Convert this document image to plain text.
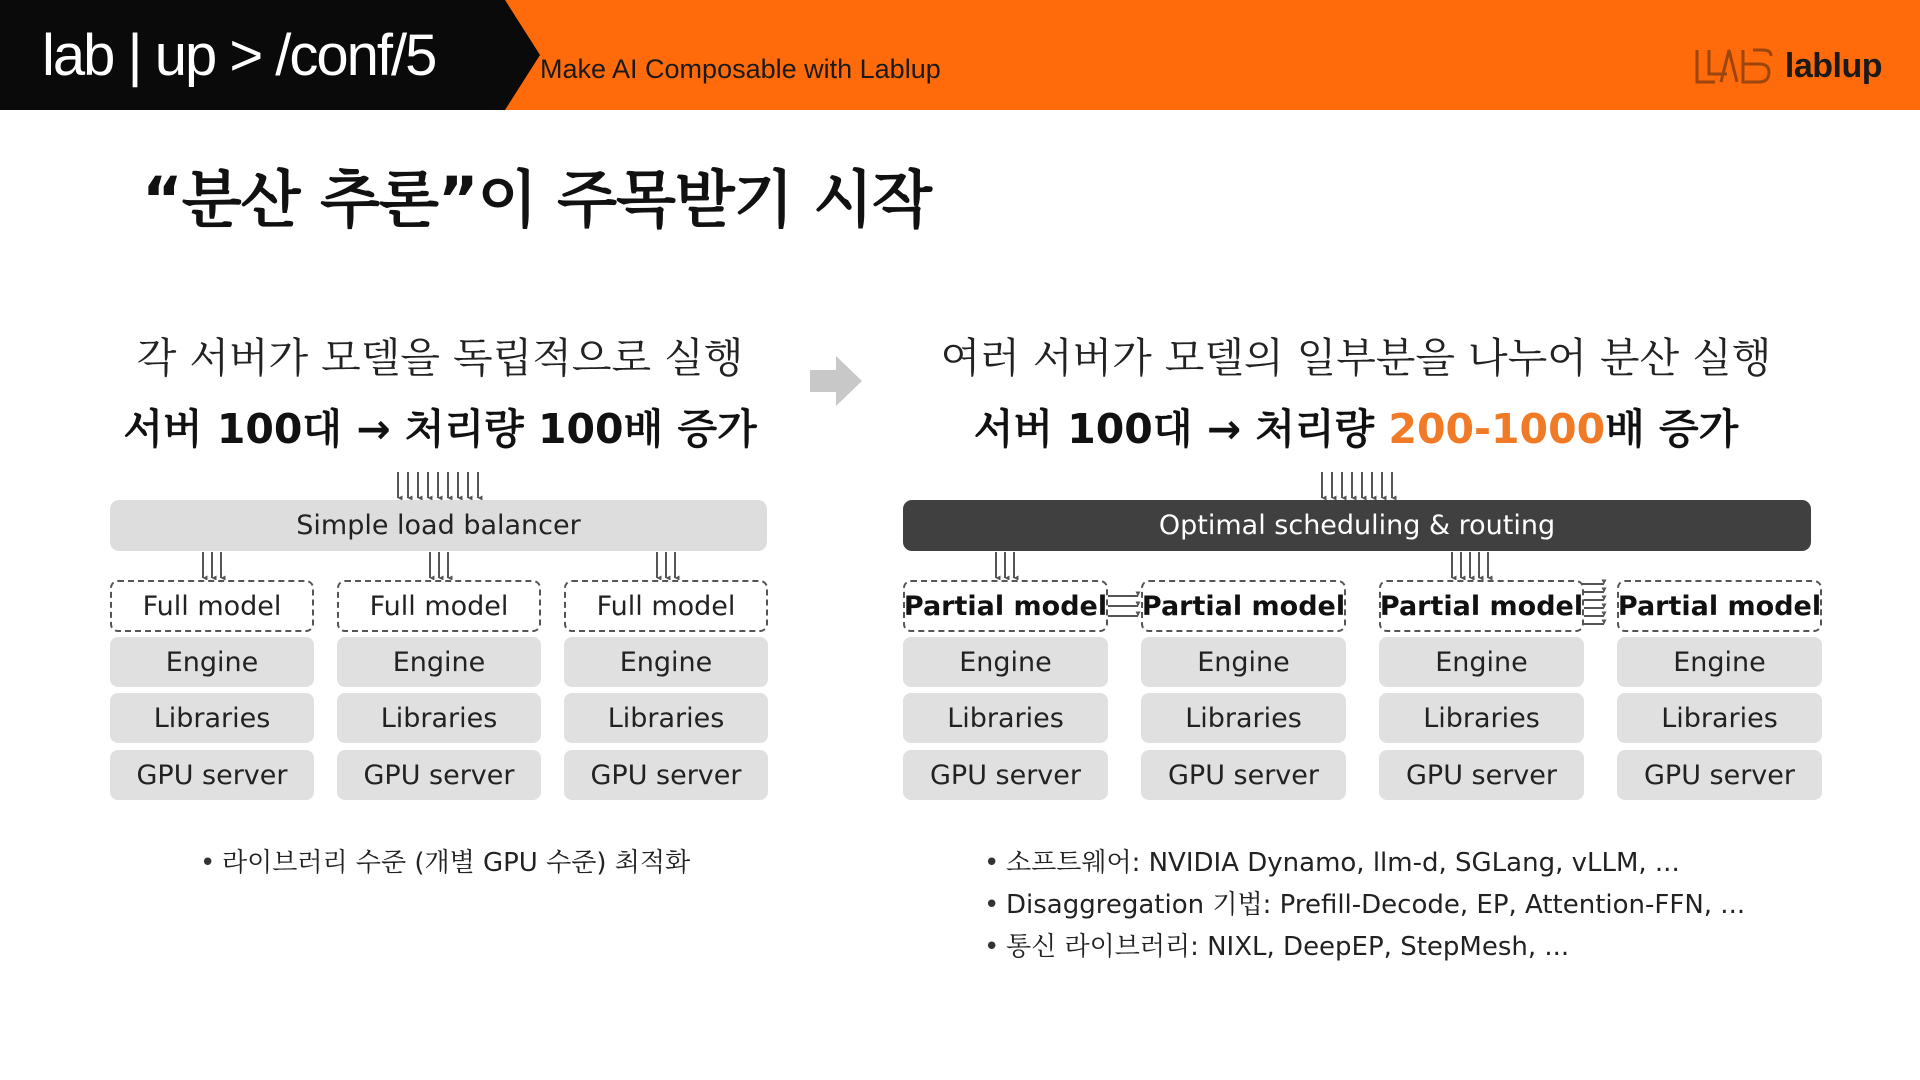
lab | up > /conf/5	Make AI Composable with Lablup	lablup
“분산 추론”이 주목받기 시작
각 서버가 모델을 독립적으로 실행
서버 100대 → 처리량 100배 증가
여러 서버가 모델의 일부분을 나누어 분산 실행
서버 100대 → 처리량 200-1000배 증가
Simple load balancer
Full model
Engine
Libraries
GPU server
Full model
Engine
Libraries
GPU server
Full model
Engine
Libraries
GPU server
Optimal scheduling & routing
Partial model
Engine
Libraries
GPU server
Partial model
Engine
Libraries
GPU server
Partial model
Engine
Libraries
GPU server
Partial model
Engine
Libraries
GPU server
• 라이브러리 수준 (개별 GPU 수준) 최적화
•	소프트웨어: NVIDIA Dynamo, llm-d, SGLang, vLLM, ...
• Disaggregation 기법: Prefill-Decode, EP, Attention-FFN, ...
• 통신 라이브러리: NIXL, DeepEP, StepMesh, ...
